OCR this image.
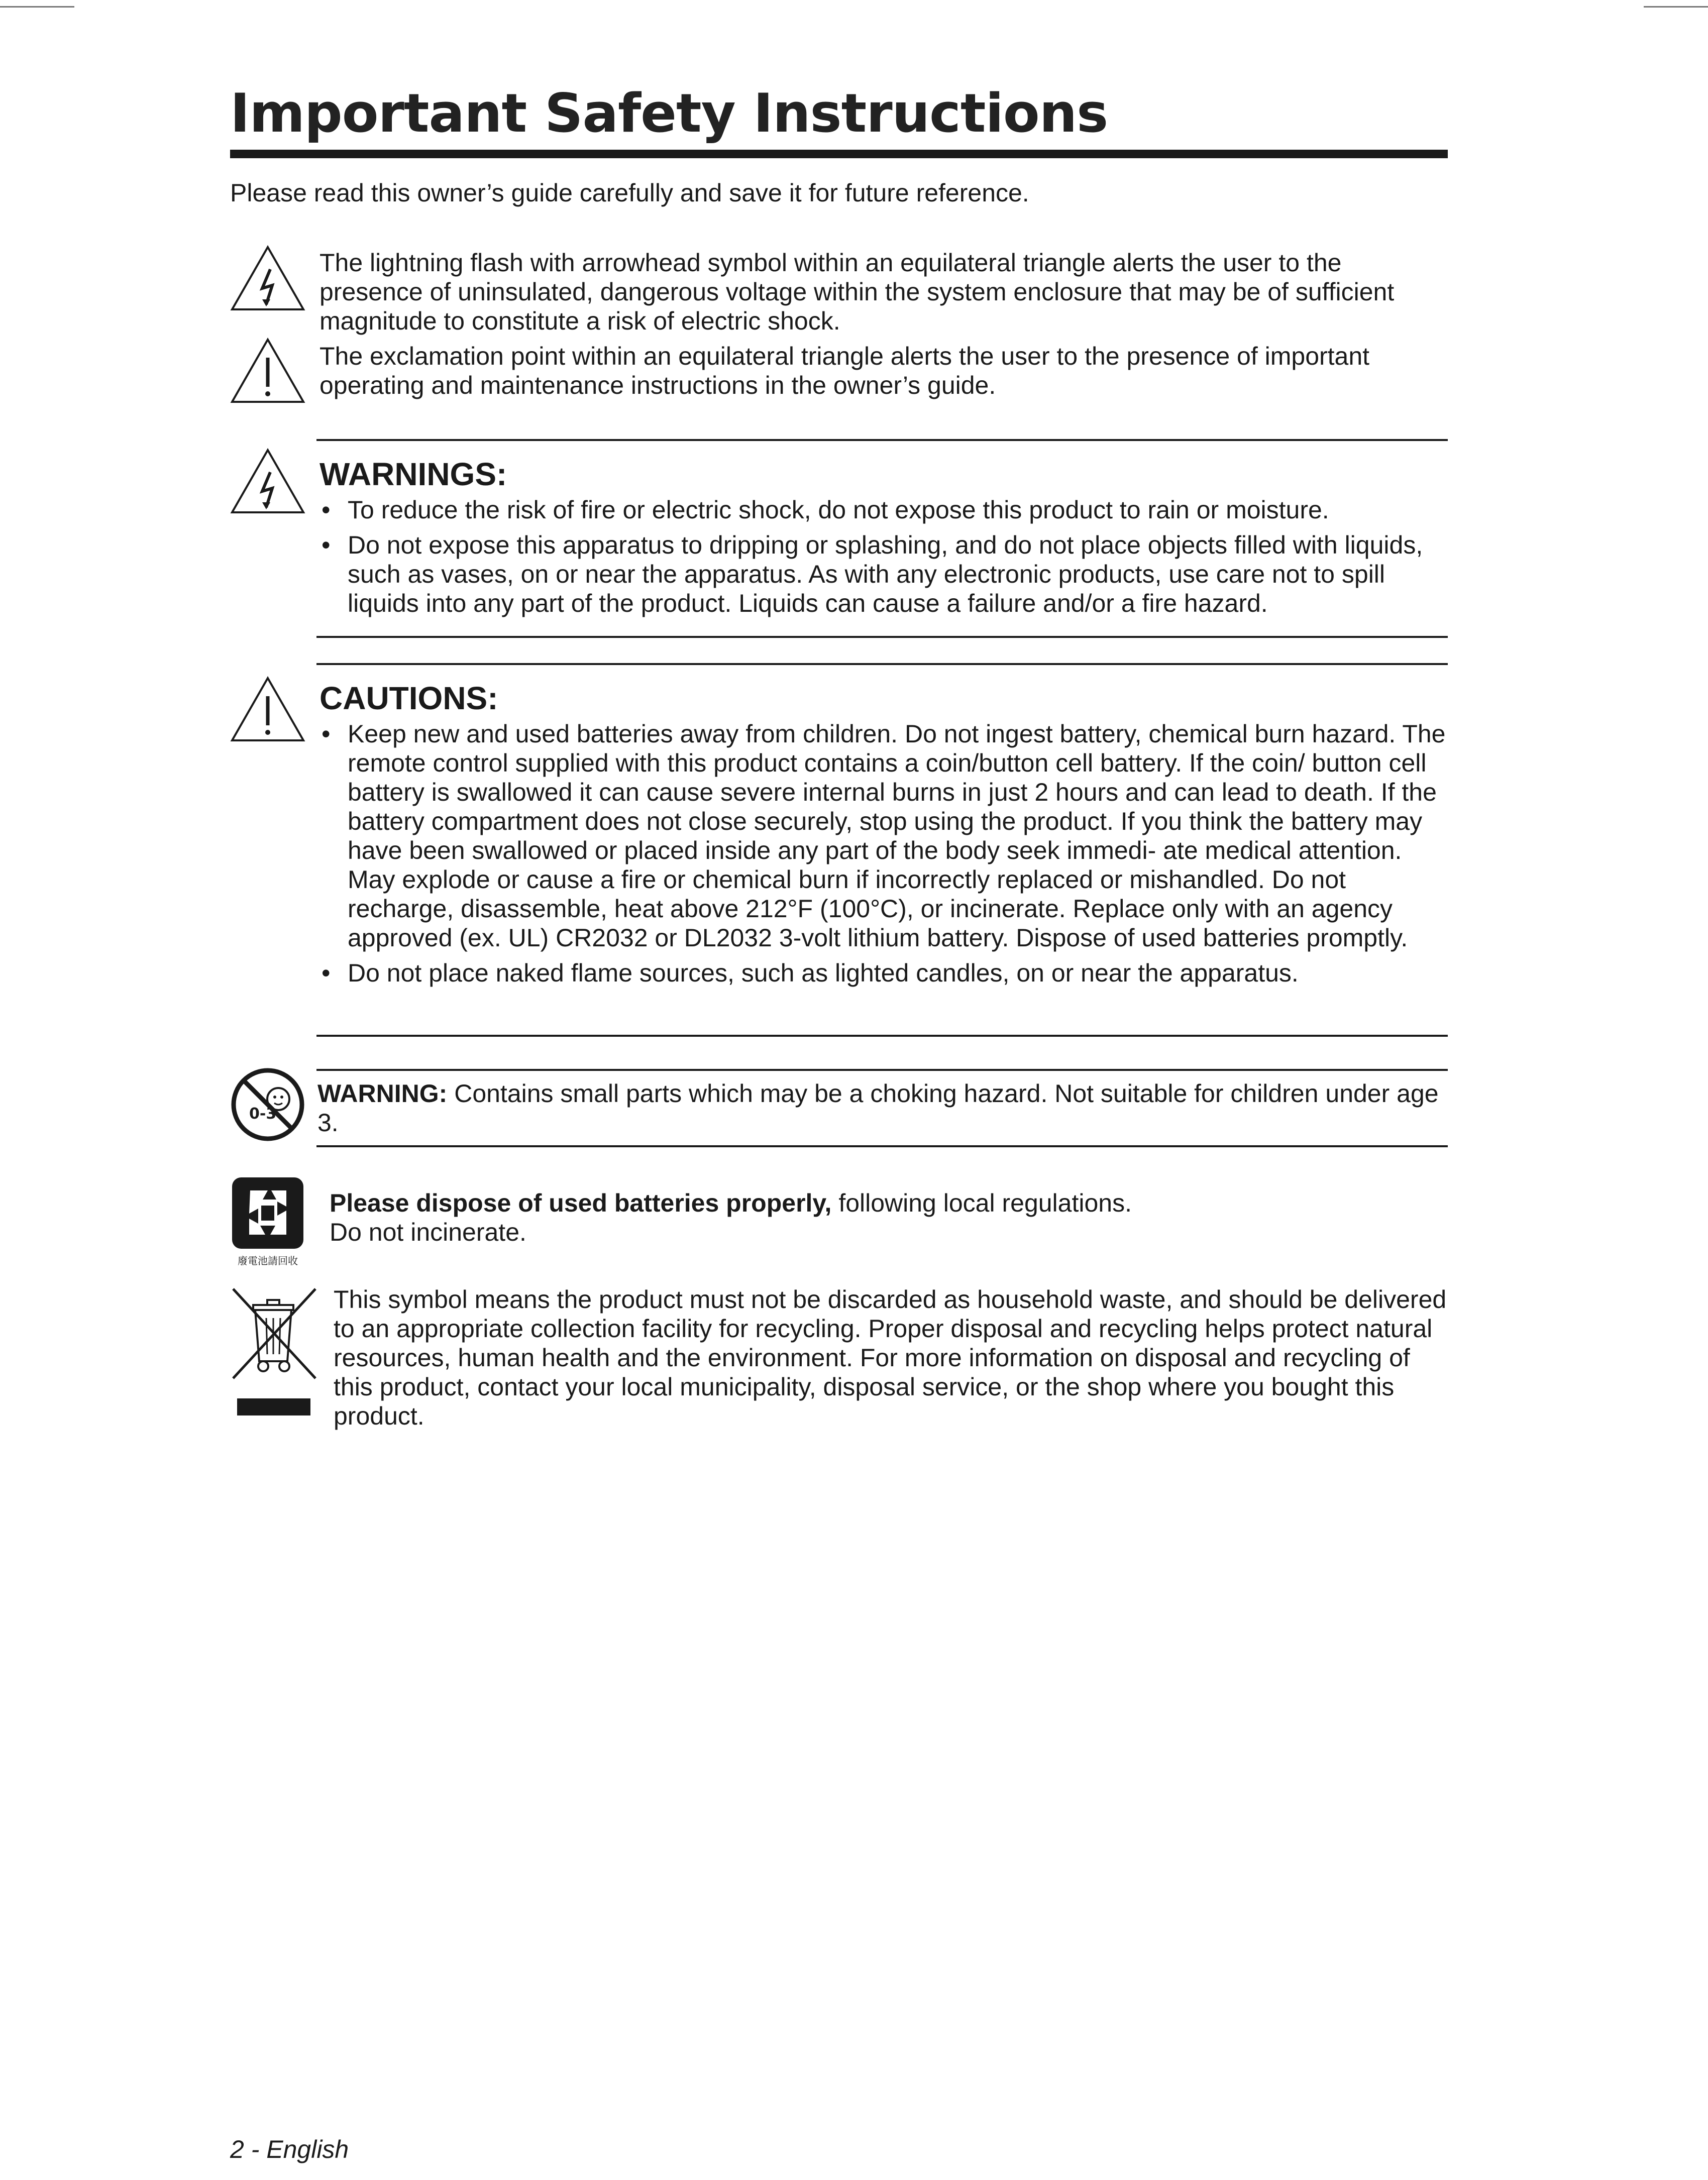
Important Safety Instructions
Please read this owner’s guide carefully and save it for future reference.
The lightning flash with arrowhead symbol within an equilateral triangle alerts the user to the presence of uninsulated, dangerous voltage within the system enclosure that may be of sufficient magnitude to constitute a risk of electric shock.
The exclamation point within an equilateral triangle alerts the user to the presence of important operating and maintenance instructions in the owner’s guide.
WARNINGS:
• To reduce the risk of fire or electric shock, do not expose this product to rain or moisture.
• Do not expose this apparatus to dripping or splashing, and do not place objects filled with liquids, such as vases, on or near the apparatus. As with any electronic products, use care not to spill liquids into any part of the product. Liquids can cause a failure and/or a fire hazard.
CAUTIONS:
• Keep new and used batteries away from children. Do not ingest battery, chemical burn hazard. The remote control supplied with this product contains a coin/button cell battery. If the coin/ button cell battery is swallowed it can cause severe internal burns in just 2 hours and can lead to death. If the battery compartment does not close securely, stop using the product. If you think the battery may have been swallowed or placed inside any part of the body seek immedi- ate medical attention. May explode or cause a fire or chemical burn if incorrectly replaced or mishandled. Do not recharge, disassemble, heat above 212°F (100°C), or incinerate. Replace only with an agency approved (ex. UL) CR2032 or DL2032 3-volt lithium battery. Dispose of used batteries promptly.
• Do not place naked flame sources, such as lighted candles, on or near the apparatus.
0-3
WARNING: Contains small parts which may be a choking hazard. Not suitable for children under age 3.
廢電池請回收
Please dispose of used batteries properly, following local regulations.
Do not incinerate.
This symbol means the product must not be discarded as household waste, and should be delivered to an appropriate collection facility for recycling. Proper disposal and recycling helps protect natural resources, human health and the environment. For more information on disposal and recycling of this product, contact your local municipality, disposal service, or the shop where you bought this product.
2 - English
